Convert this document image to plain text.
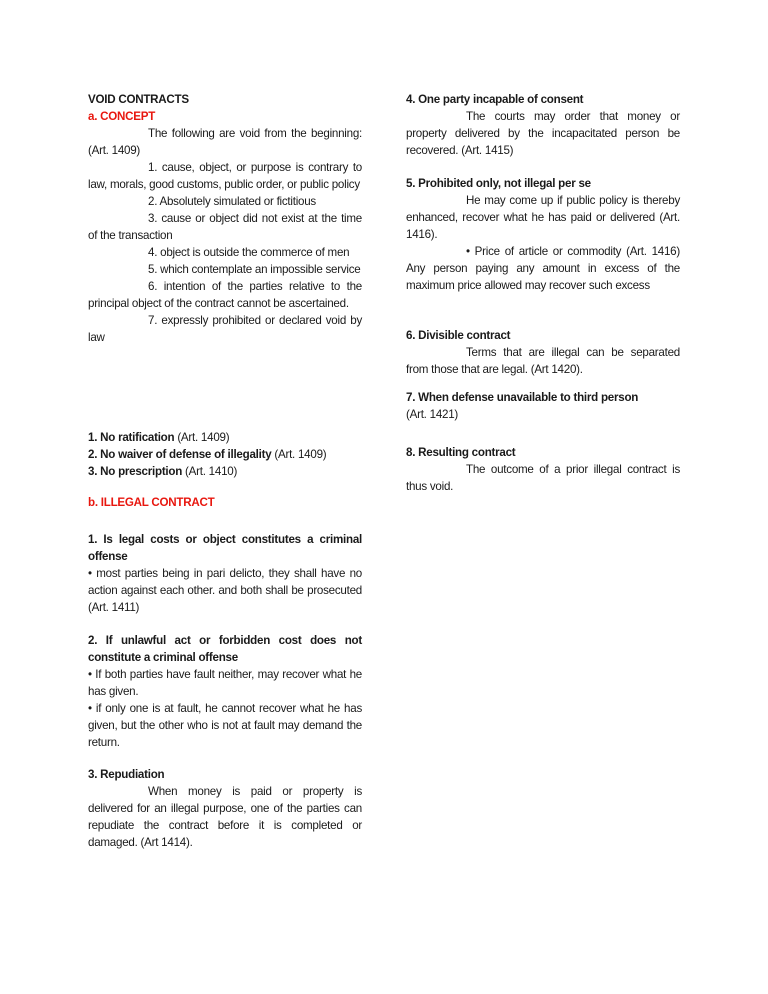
VOID CONTRACTS

a. CONCEPT

The following are void from the beginning: (Art. 1409)

1. cause, object, or purpose is contrary to law, morals, good customs, public order, or public policy

2. Absolutely simulated or fictitious

3. cause or object did not exist at the time of the transaction

4. object is outside the commerce of men

5. which contemplate an impossible service

6. intention of the parties relative to the principal object of the contract cannot be ascertained.

7. expressly prohibited or declared void by law

1. No ratification (Art. 1409)

2. No waiver of defense of illegality (Art. 1409)

3. No prescription (Art. 1410)

b. ILLEGAL CONTRACT

1. Is legal costs or object constitutes a criminal offense

• most parties being in pari delicto, they shall have no action against each other. and both shall be prosecuted (Art. 1411)

2. If unlawful act or forbidden cost does not constitute a criminal offense

• If both parties have fault neither, may recover what he has given.

• if only one is at fault, he cannot recover what he has given, but the other who is not at fault may demand the return.

3. Repudiation

When money is paid or property is delivered for an illegal purpose, one of the parties can repudiate the contract before it is completed or damaged. (Art 1414).

4. One party incapable of consent

The courts may order that money or property delivered by the incapacitated person be recovered. (Art. 1415)

5. Prohibited only, not illegal per se

He may come up if public policy is thereby enhanced, recover what he has paid or delivered (Art. 1416).

• Price of article or commodity (Art. 1416) Any person paying any amount in excess of the maximum price allowed may recover such excess

6. Divisible contract

Terms that are illegal can be separated from those that are legal. (Art 1420).

7. When defense unavailable to third person

(Art. 1421)

8. Resulting contract

The outcome of a prior illegal contract is thus void.
